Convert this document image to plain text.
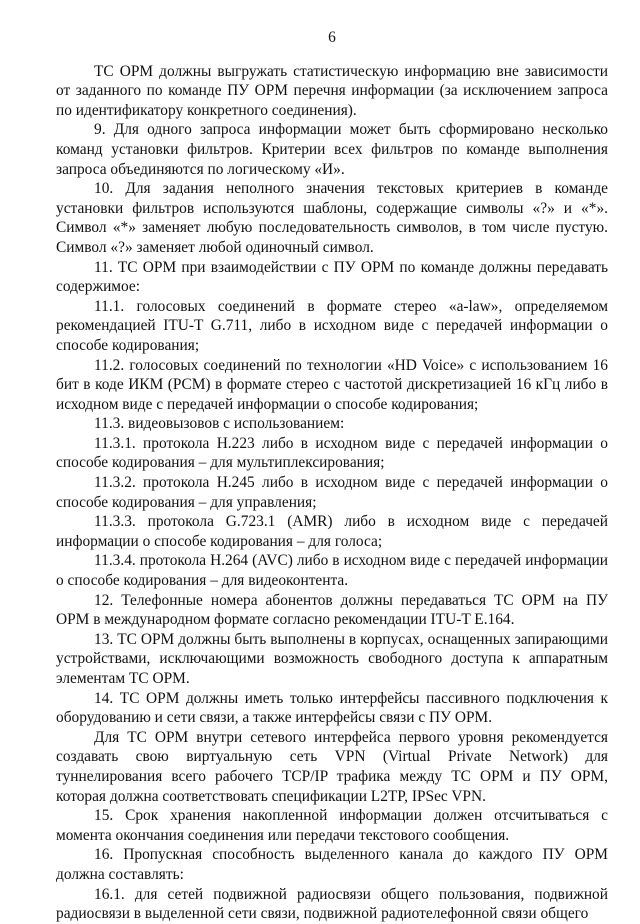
6

ТС ОРМ должны выгружать статистическую информацию вне зависимости от заданного по команде ПУ ОРМ перечня информации (за исключением запроса по идентификатору конкретного соединения).

9. Для одного запроса информации может быть сформировано несколько команд установки фильтров. Критерии всех фильтров по команде выполнения запроса объединяются по логическому «И».

10. Для задания неполного значения текстовых критериев в команде установки фильтров используются шаблоны, содержащие символы «?» и «*». Символ «*» заменяет любую последовательность символов, в том числе пустую. Символ «?» заменяет любой одиночный символ.

11. ТС ОРМ при взаимодействии с ПУ ОРМ по команде должны передавать содержимое:

11.1. голосовых соединений в формате стерео «a-law», определяемом рекомендацией ITU-T G.711, либо в исходном виде с передачей информации о способе кодирования;

11.2. голосовых соединений по технологии «HD Voice» с использованием 16 бит в коде ИКМ (PCM) в формате стерео с частотой дискретизацией 16 кГц либо в исходном виде с передачей информации о способе кодирования;

11.3. видеовызовов с использованием:

11.3.1. протокола H.223 либо в исходном виде с передачей информации о способе кодирования – для мультиплексирования;

11.3.2. протокола H.245 либо в исходном виде с передачей информации о способе кодирования – для управления;

11.3.3. протокола G.723.1 (AMR) либо в исходном виде с передачей информации о способе кодирования – для голоса;

11.3.4. протокола H.264 (AVC) либо в исходном виде с передачей информации о способе кодирования – для видеоконтента.

12. Телефонные номера абонентов должны передаваться ТС ОРМ на ПУ ОРМ в международном формате согласно рекомендации ITU-T E.164.

13. ТС ОРМ должны быть выполнены в корпусах, оснащенных запирающими устройствами, исключающими возможность свободного доступа к аппаратным элементам ТС ОРМ.

14. ТС ОРМ должны иметь только интерфейсы пассивного подключения к оборудованию и сети связи, а также интерфейсы связи с ПУ ОРМ.

Для ТС ОРМ внутри сетевого интерфейса первого уровня рекомендуется создавать свою виртуальную сеть VPN (Virtual Private Network) для туннелирования всего рабочего TCP/IP трафика между ТС ОРМ и ПУ ОРМ, которая должна соответствовать спецификации L2TP, IPSec VPN.

15. Срок хранения накопленной информации должен отсчитываться с момента окончания соединения или передачи текстового сообщения.

16. Пропускная способность выделенного канала до каждого ПУ ОРМ должна составлять:

16.1. для сетей подвижной радиосвязи общего пользования, подвижной радиосвязи в выделенной сети связи, подвижной радиотелефонной связи общего
